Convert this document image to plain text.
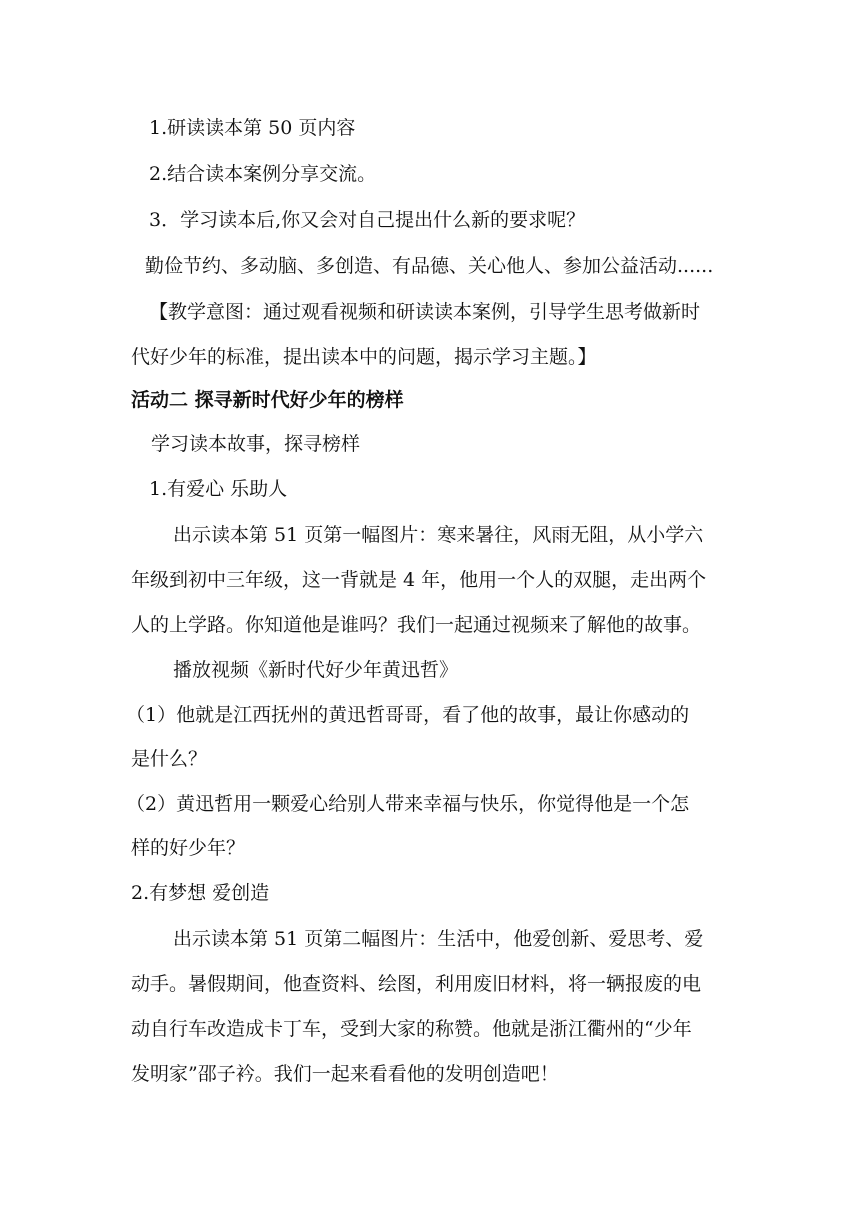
1.研读读本第 50 页内容
2.结合读本案例分享交流。
3．学习读本后,你又会对自己提出什么新的要求呢？
勤俭节约、多动脑、多创造、有品德、关心他人、参加公益活动......
【教学意图：通过观看视频和研读读本案例，引导学生思考做新时
代好少年的标准，提出读本中的问题，揭示学习主题。】
活动二 探寻新时代好少年的榜样
学习读本故事，探寻榜样
1.有爱心 乐助人
出示读本第 51 页第一幅图片：寒来暑往，风雨无阻，从小学六
年级到初中三年级，这一背就是 4 年，他用一个人的双腿，走出两个
人的上学路。你知道他是谁吗？我们一起通过视频来了解他的故事。
播放视频《新时代好少年黄迅哲》
（1）他就是江西抚州的黄迅哲哥哥，看了他的故事，最让你感动的
是什么？
（2）黄迅哲用一颗爱心给别人带来幸福与快乐，你觉得他是一个怎
样的好少年？
2.有梦想 爱创造
出示读本第 51 页第二幅图片：生活中，他爱创新、爱思考、爱
动手。暑假期间，他查资料、绘图，利用废旧材料，将一辆报废的电
动自行车改造成卡丁车，受到大家的称赞。他就是浙江衢州的“少年
发明家”邵子衿。我们一起来看看他的发明创造吧！
